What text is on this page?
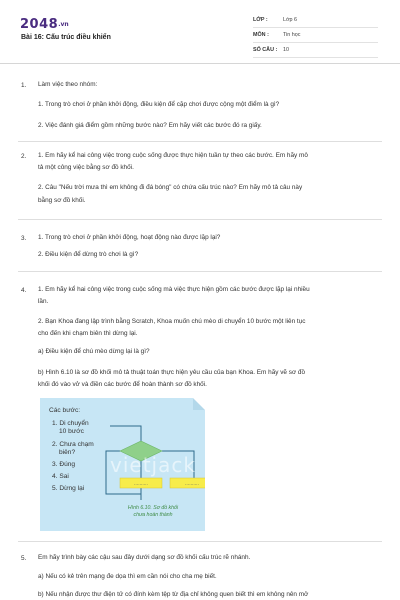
2048.vn
Bài 16: Cấu trúc điều khiển
LỚP :	Lớp 6
MÔN :	Tin học
SỐ CÂU :	10
1. Làm việc theo nhóm:
1. Trong trò chơi ở phần khởi động, điều kiện để cặp chơi được cộng một điểm là gì?
2. Việc đánh giá điểm gồm những bước nào? Em hãy viết các bước đó ra giấy.
2. 1. Em hãy kể hai công việc trong cuộc sống được thực hiện tuần tự theo các bước. Em hãy mô
tả một công việc bằng sơ đồ khối.
2. Câu "Nếu trời mưa thì em không đi đá bóng" có chứa cấu trúc nào? Em hãy mô tả câu này
bằng sơ đồ khối.
3. 1. Trong trò chơi ở phần khởi động, hoạt động nào được lặp lại?
2. Điều kiện để dừng trò chơi là gì?
4. 1. Em hãy kể hai công việc trong cuộc sống mà việc thực hiện gồm các bước được lặp lại nhiều
lần.
2. Bạn Khoa đang lập trình bằng Scratch, Khoa muốn chú mèo di chuyển 10 bước một liên tục
cho đến khi chạm biên thì dừng lại.
a) Điều kiện để chú mèo dừng lại là gì?
b) Hình 6.10 là sơ đồ khối mô tả thuật toán thực hiện yêu cầu của bạn Khoa. Em hãy vẽ sơ đồ
khối đó vào vở và điền các bước để hoàn thành sơ đồ khối.
Các bước:
1. Di chuyển
10 bước
2. Chưa chạm
biên?
3. Đúng
4. Sai
5. Dừng lại
..........	..........
Hình 6.10. Sơ đồ khối
chưa hoàn thành
vietjack
5. Em hãy trình bày các cậu sau đây dưới dạng sơ đồ khối cấu trúc rẽ nhánh.
a) Nếu có kẻ trên mạng đe dọa thì em cần nói cho cha mẹ biết.
b) Nếu nhận được thư điện tử có đính kèm tệp từ địa chỉ không quen biết thì em không nên mở
